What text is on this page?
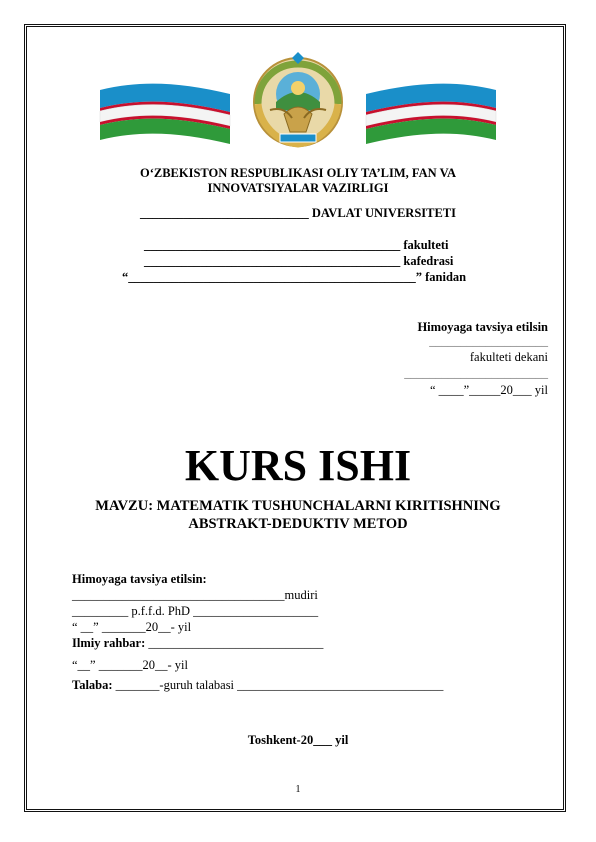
O‘ZBEKISTON RESPUBLIKASI OLIY TA’LIM, FAN VA
INNOVATSIYALAR VAZIRLIGI
___________________________ DAVLAT UNIVERSITETI
_________________________________________ fakulteti
_________________________________________ kafedrasi
“______________________________________________” fanidan
Himoyaga tavsiya etilsin
___________________
fakulteti dekani
_______________________
“ ____”_____20___ yil
KURS ISHI
MAVZU: MATEMATIK TUSHUNCHALARNI KIRITISHNING
ABSTRAKT-DEDUKTIV METOD
Himoyaga tavsiya etilsin:
__________________________________mudiri
_________ p.f.f.d. PhD ____________________
“ __” _______20__- yil
Ilmiy rahbar: ____________________________
“__” _______20__- yil
Talaba: _______-guruh talabasi _________________________________
Toshkent-20___ yil
1
